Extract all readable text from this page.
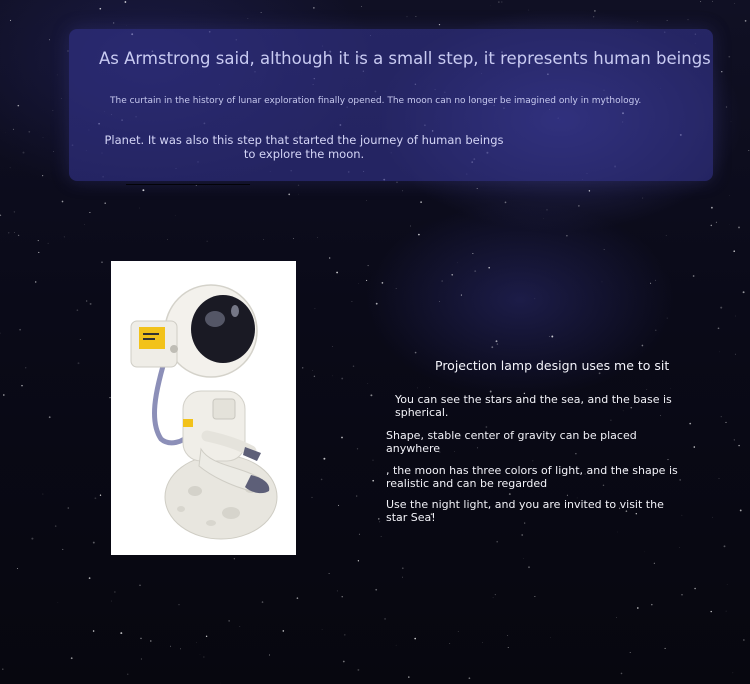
As Armstrong said, although it is a small step, it represents human beings
The curtain in the history of lunar exploration finally opened. The moon can no longer be imagined only in mythology.
Planet. It was also this step that started the journey of human beings to explore the moon.
Projection lamp design uses me to sit
You can see the stars and the sea, and the base is spherical.
Shape, stable center of gravity can be placed anywhere
, the moon has three colors of light, and the shape is realistic and can be regarded
Use the night light, and you are invited to visit the star Sea!
